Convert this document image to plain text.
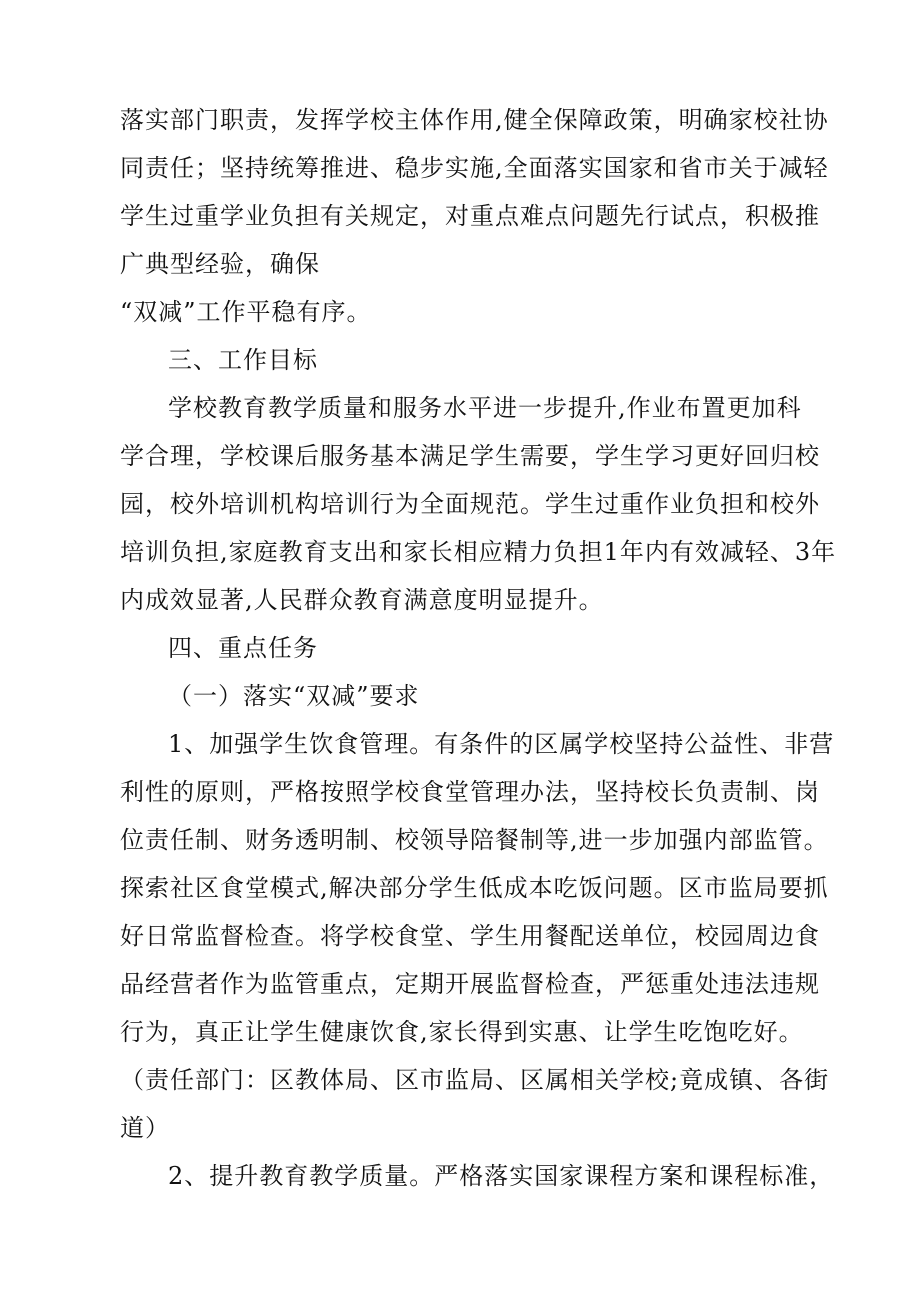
落实部门职责，发挥学校主体作用,健全保障政策，明确家校社协
同责任；坚持统筹推进、稳步实施,全面落实国家和省市关于减轻
学生过重学业负担有关规定，对重点难点问题先行试点，积极推
广典型经验，确保
“双减”工作平稳有序。
三、工作目标
学校教育教学质量和服务水平进一步提升,作业布置更加科
学合理，学校课后服务基本满足学生需要，学生学习更好回归校
园，校外培训机构培训行为全面规范。学生过重作业负担和校外
培训负担,家庭教育支出和家长相应精力负担1年内有效减轻、3年
内成效显著,人民群众教育满意度明显提升。
四、重点任务
（一）落实“双减”要求
1、加强学生饮食管理。有条件的区属学校坚持公益性、非营
利性的原则，严格按照学校食堂管理办法，坚持校长负责制、岗
位责任制、财务透明制、校领导陪餐制等,进一步加强内部监管。
探索社区食堂模式,解决部分学生低成本吃饭问题。区市监局要抓
好日常监督检查。将学校食堂、学生用餐配送单位，校园周边食
品经营者作为监管重点，定期开展监督检查，严惩重处违法违规
行为，真正让学生健康饮食,家长得到实惠、让学生吃饱吃好。
（责任部门：区教体局、区市监局、区属相关学校;竟成镇、各街
道）
2、提升教育教学质量。严格落实国家课程方案和课程标准，
